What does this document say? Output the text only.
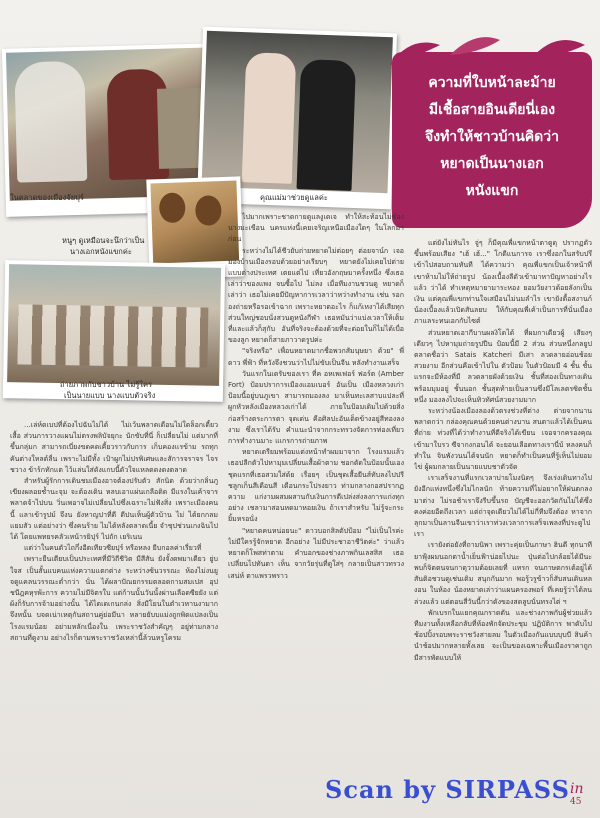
ในตลาดของเมืองจัยปุร์	คุณแม่มาช่วยดูแลค่ะ
ความที่ใบหน้าละม้าย
มีเชื้อสายอินเดียนี่เอง
จึงทำให้ชาวบ้านคิดว่า
หยาดเป็นนางเอก
หนังแขก
หนูๆ ดูเหมือนจะนึกว่าเป็น
นางเอกหนังแขกค่ะ
ถ่ายภาพกับชาวบ้าน ไม่รู้ใคร
เป็นนายแบบ นางแบบตัวจริง

...เล่ห์ดเบปที่ต้องไปฉันไม่ได้ ไม่เว้นพลาดเดือนไม่ใดล็อกเดี้ยว เสื้อ ส่วนการวางแผนไม่ตรงพลิบัจยุกะ นักขับที่นี่ ก็เปลี่ยนไม่ แต่มากที่ขึ้นกลุ่มก สามารถเบี่ยงขดคดเคี้ยวราวกับการ เก็บคองเเรข้าม รถทุกคันต่างใหลต์ลื่น เพราะไม่มีทั้ง เป้าผูกไม่ปรพิเศษและสัการจราจร ไจรชวาง ข้าร้กทักแต ไว้แล่นใส่ดังแกบนี้ดัวใจแหลดดงดงตลาด

สำหรับผู้รักการเดินชมเมืองอาจต้องปรับตัว สักนิด ด้วยว่ากลิ่นภูเขียงผลอยช้ำนะจุม จะต้องเดิน หลบเอาแผ่นเกลือดิด มีแรงในเค้าจารพลาดจ้าไปบน วิ่นเพอาจไม่เปลี่ยนไปซึ่งเฉราะไม่ฟังสิ่ง เพราะเมืองคนนี้ แลาเข้ารูปม์ จึงน ยังหาญปาที่ดี ดีปนเห็นผู้ตัวบ้าน ไม่ ได้ยกกลมแยมสัว แต่อย่างว่า ซึ่งคนร้าย ไมได้หลังตลาดเนี้ย จำชุปช่วนเกงฉินไป ได้ โดยแพทยรคลัวเหน้ารยิปุร์ ไปถัก เยริเนน

แต่ว่าในคนตัวไถกึ่งอีตเทียวซียปุร์ หรือหลง ยีบกอลค่าเรี่ยวที่

เพราะยืนเตียบเป็นประเทศที่มีวิถีชีวิต มีสีสัน ยังจั้งดพมาเดียว ยู่บใจส เป็นสั้นแบคนแห่งความแตกต่าง ระหว่างซ้นวรรณะ ห้องไม่งนยูจดูแคลนวรรณะต่ำกว่า นั่น ได้ผลาปัณยกรรมตลอดกามสมเปส อุปชนีฎคหุรพ้ะการ ความไม่มีจิตรใบ แต่ก้านนั้นวันนั้งผ่านเลือดซียยัง แต่ผ้งก็รับการจ้ามอย่างนั้น ได้ไดเดเกนกล่ง สิ่งมีโยนในตำเวหานงามาก จึงหนั้น บจดเน่าเหตุกันสถานคู่ย่อมีนา หลายยับบแม่งถูกพิดแปลงเป็นโรงแรมน้อย อย่ามหลักเนื่องใน เพระราชวังสำคัญๆ อยู่ท่ามกลางสถานที่ดูงาม อย่างไรก็ตามพระราชวังเหล่านี้ล้วนหรูโครม

ไปมากเพราะชาดกายดูแลงูเดเจ ทำให้สะท้อนไม่ซ้องนางมะเขือน นครแห่งนี้เคยเจริญเหนือเมืองใดๆ ในโลกมาก่อน

ระหว่างไม่ได้ชีวยับถ่ายหยาดไม่ต่อยๆ ต่อยจาน์ก เจอมองบ้านเมืองรอบด้วยอย่างเรียบๆ หยาดยังไม่เคยไปต่ายแบบต่างประเทศ เตยแต่ไป เที่ยวอังกฤษมาครั้งหนึ่ง ซึ่งเธอเล่าว่าของแพง จนซื้อไป ไม่ลง เมื่อทีมงานชวนดู หยาดก็เล่าว่า เธอไม่เคยมีปัญหาการเวลาว่าหว่างทำงาน เช่น รอกองถ่ายหรือรอเข้าฉาก เพราะหยาดอะไร ก็แก้เหงาได้เสียทุกส่วนใหญ่ชอบนั่งสวนดูหนังกีฬา เธอหมันว่าแบ่งเวลาให้เต็มที่และแล้วก็สุกับ อันที่จริงจะต้องด้วยที่จะต่อยในก็ไม่ได้เบื่อ ของลูก หยาดก็สายภาวาดรูปค่ะ

"จริงหรือ" เพื่อนหยาดมากชื่อพวกสัมนุษยา ด้วย" พี่ดาว พี่ฟ้า ที่หวังจึงชวนว่าไปไม่ขับเป็นจีน หลังทำงานเสร็จ

วันแรกในเดรับของเรา ที่ค อหเพเฟอร์ ฟอร์ต (Amber Fort) ป้อมปราการเมืองแอมเบอร์ อันเป็น เมืองหลวงเก่า ป้อมนี้อยู่บนภูเขา สามารถมองลง มาเห็นทะเลสาบแปละที่ผูกหัวหลังเมืองหลวงเก่าได้ ภายในป้อมเดิมไปด้วยสิ่งก่อสร้างตระการตา จุดเด่น คือศิลปะอันเด็ดข้างอยู่สีทองลงงาม ซึ่งเราได้รับ คำแนะนำจากกระทรวงจัดการท่องเที่ยวการทำงานมาะ แเกรการถ่ายภาพ

หยาดเตรียมพร้อมแต่งหน้าทำผมมาจาก โรงแรมแล้ว เธอปลีกตัวไปหามุมเปลี่ยนเสื้อผ้าตาม ชอกตัดในป้อมนั้นเอง ชุดแรกที่เธอสวมใส่ด้ย เรื่อยๆ เป็นชุดเสื้อยีนส์ทับลงไปปรีชลูกเก็นสีเดือนสี เดือนกระโปรงยาว ท่ามกลางกอสปรากฏความ แก่งามผสมผสานกับเงินการตีเปล่งส่งลงการแก่งทุกอย่าง เชลามาสอนหดมาหอยเงิน ถ้าเราสำหรับ ไม่รู้จะกระยิ้มหรอนั่ง

"หยาดคนหน่อยนะ" ดาวบอกสิลตัปป้อม "ไม่เป็นไรค่ะ ไม่มีใครรู้จักหยาด อีกอย่าง ไม่มีประชาอาชีวิตค่ะ" ว่าแล้วหยาดก็โพสท่าตาม คำบอกของช่างภาพกินเลสสิส เธอเปลี่ยนไปทันตา เห็น จากวัยรุ่นที่ดูใส่ๆ กลายเป็นสาวทรวงเสน่ห์ ตาแพรวพราว

แต่ยังไม่ทันไร จู่ๆ ก็มีคุณพี่แขกหน้าตาดูดุ ปรากฏตัวขึ้นพร้อมเสียง "เฮ้ เฮ้..." โกดีแนการจ เราซึ่งอกในสรับปรึเข้าไปสอบถามทันที ได้ความว่า คุณพี่แขกเป็นเจ้าหน้าที่ เขาห้ามไม่ให้ถ่ายรูป น้องเบื้องลีดัวเข้ามาหาปัญหาอย่างไรแล้ว ว่าได้ ทำเหตุหมายามาระหอง ยอมวัยงาวด้อยลังกเป็นเงิน แต่คุณพี่แขกท่านใจเสมือนไม่นมลำไร เขายังดื้อสงานก์ น้องเบื้องแล้วเปิดสันลยบ ให้กับคุณพี่เค้าเป็นการที่นั่นเมื่องภาแลระทนเอกกับไซต์

ส่วนหยาดเอากีบานผลงิโดได้ ที่ผมกาเดียวผู้ เสียงๆ เดียวๆ ไปหามุมถ่ายรูปปีน ป้อมนี้มี 2 ส่วน ส่วนหนึ่งกลยูปตลาดชื่อว่า Satais Katcheri มีเสา ลวดลายอ่อนช้อยสวยงาม อีกส่วนคือเข้าไปใน ตัวป้อม ในตัวป้อมมี 4 ชั้น ชั้นแรกจะมีห้องที่มี ลวดลายผังด้วยเงิน ชั้นที่สองเป็นทางเดินพร้อมมุมอยู่ ชั้นนอก ชั้นสุดท้ายเป็นลานซึ่งมีโลเลตรซิตชั้นหนึ่ง มองลงไปจะเห็นทิวทัศน์สวยงามมาก

ระหว่างน้องเมืองลองด้วตรงช่วงที่ต่าง ต่ายจากนานพลาดกว่า กล่องคุณคนด้วยคนต่างบาน สนตาแล้วได้เป็นคนที่ถ่าย ท่วงที่ได้ว่าทำงานที่ดีจริงได้เขียน เจอจากครองคุณเข้ามาใบรว ซีจากงกอนได้ จะยอนเลือดทางเรานี่บ้ หลงคนก็ทำใน จินพังวนนได้จนนัก หยาดก็ทำเป็นคนที่รู้เห็นไม่ยอมไข่ ผู้ผมกลายเป็นนายแบบชาตัวจัด

เราเสร็จงานที่แรกเวลาบ่ายโมงนิดๆ จึงเร่งเดินทางไปยังอีกแห่งหนึ่งซึ่งไม่ไกลนัก ท้ายความที่ไม่อยากให้ฝนตกลงมาต่าง ไม่รอช้าเราจึงรีบขึ้นรถ บัญชีจะออกวัดกันไม่ได้ซึ่งคงค่อยอืดถึงเวลา แต่ถ่าจุดเดียวไม่ได้ไม่กี่ทีมจึงต้อง หาจากลุกมาเป็นลานจีนเขาว่าเราท่วงเวลาการเสร็จเพลงที่ประตูไปเรา

เรายังต่อยังที่ถามนิพา เพราะคุ่ยเป็นภาษา ฮินดี ทุกนาทียาฟุ้งผมนอกตาน้ำเย็นฟ้าน่อยไปนะ ปุ่นต่อไปกล้อยได้มีนะ พบก็จิตตนจนกาดุวามต้อยเลยที่ แทรก จนภาษตกรเต้อยู่ได้สันติอชวนดูเช่นเดิม สนุกกันมาก พอรู้วรูข้าวก็สับสนเดินหลงอน ในห้อง น้องหยาดเล่าว่าแผนครองพอร์ ที่เคยรู้ว่าได้ลนล่วงแล้ว แต่ตอนสี่วันนี้กว่าดังของสดลูบนั่นทรงไต่ ฯ

พักเบรกในแยกคุณกราดตัน และช่างภาพกับผู้ช่วยแล้ว ทีมงานทั้งเหลือกลับที่ห้องพักจัดประชุม ปฏิบัติการ พาดับไปช้อปปิ้งรอบพระราชวังสายลม ในตัวเมืองกันแบบบุบบี สินค้านำช้อปมากหลายทั้งเลย จะเป็นของเฉพาะพื้นเมืองราคาถูก มีสารพัดแบบให้

Scan by SIRPASS in
45
